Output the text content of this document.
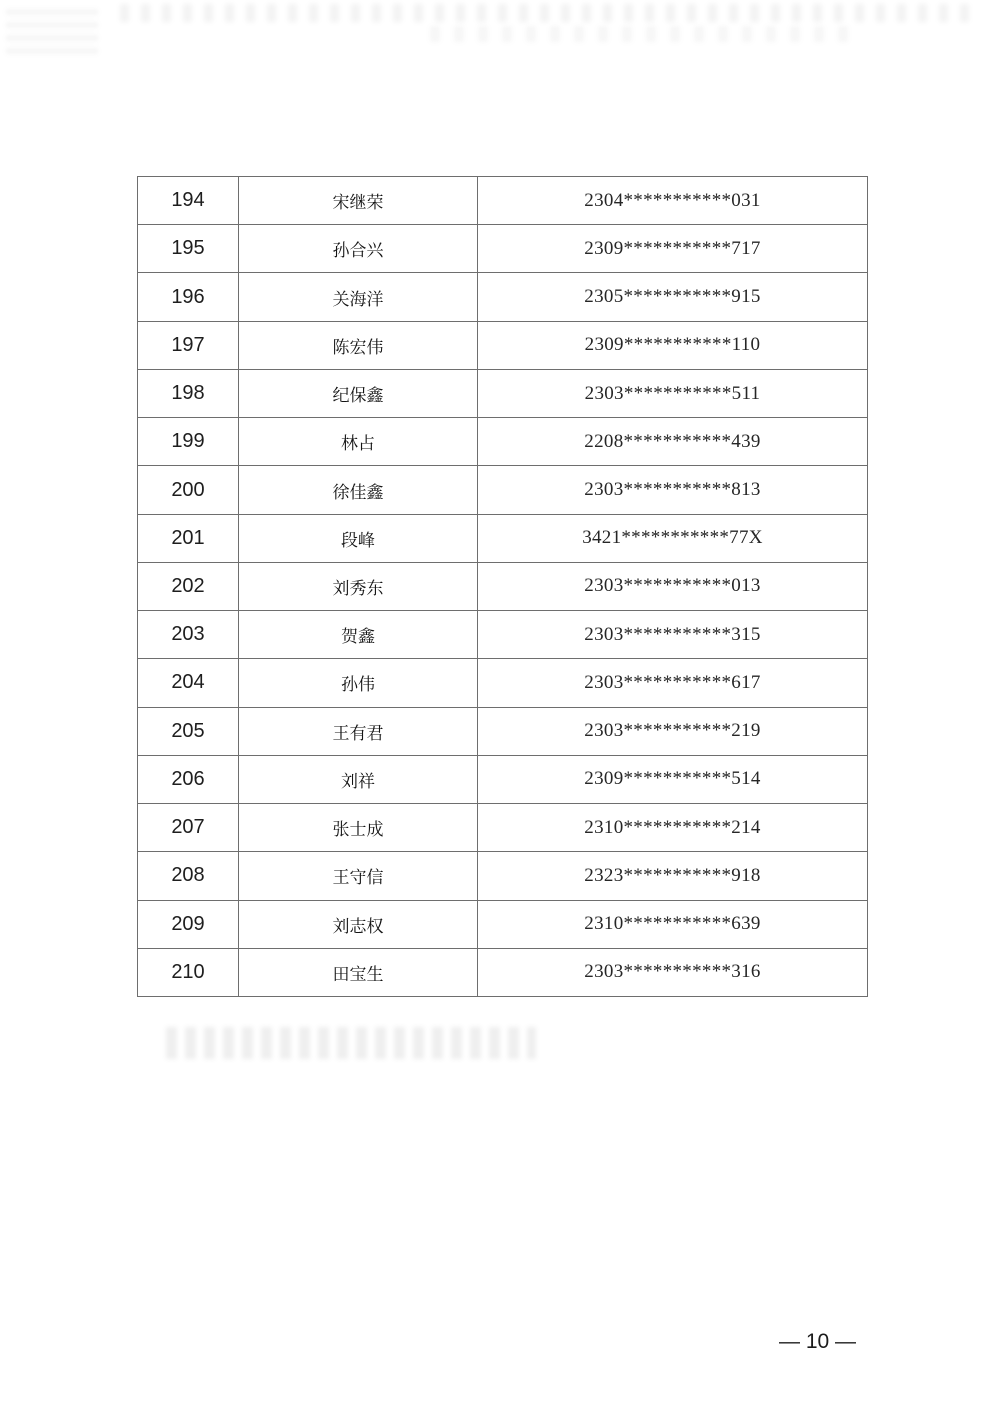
194	宋继荣	2304***********031
195	孙合兴	2309***********717
196	关海洋	2305***********915
197	陈宏伟	2309***********110
198	纪保鑫	2303***********511
199	林占	2208***********439
200	徐佳鑫	2303***********813
201	段峰	3421***********77X
202	刘秀东	2303***********013
203	贺鑫	2303***********315
204	孙伟	2303***********617
205	王有君	2303***********219
206	刘祥	2309***********514
207	张士成	2310***********214
208	王守信	2323***********918
209	刘志权	2310***********639
210	田宝生	2303***********316
— 10 —
